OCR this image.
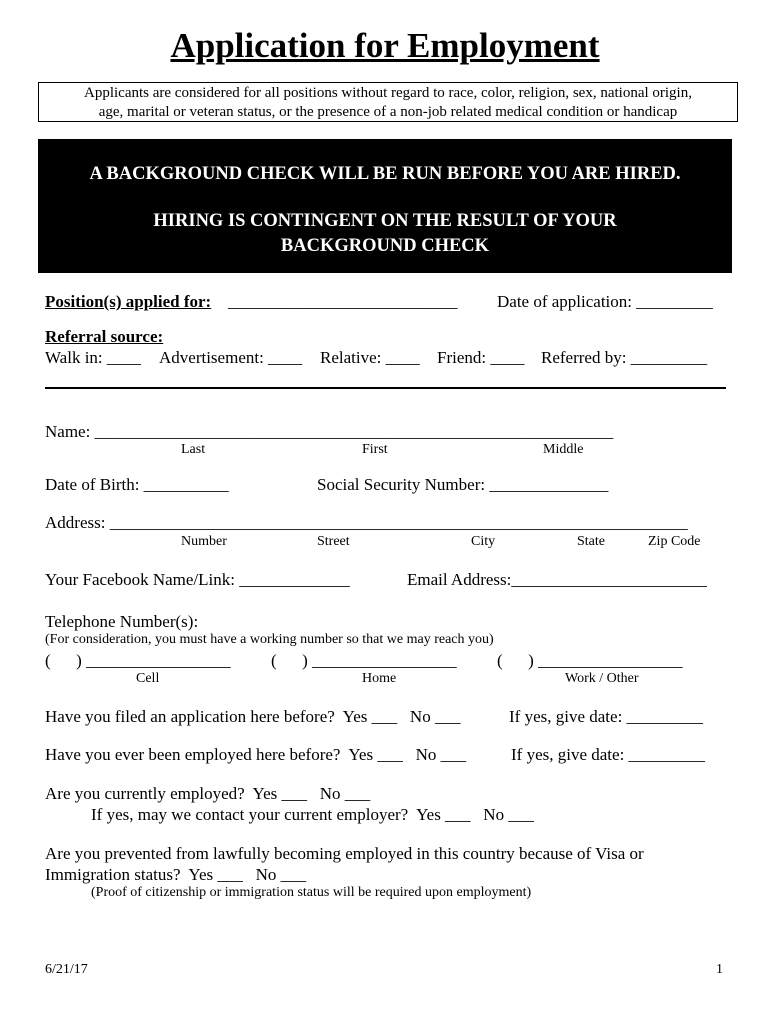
Application for Employment
Applicants are considered for all positions without regard to race, color, religion, sex, national origin,
age, marital or veteran status, or the presence of a non-job related medical condition or handicap
A BACKGROUND CHECK WILL BE RUN BEFORE YOU ARE HIRED.
HIRING IS CONTINGENT ON THE RESULT OF YOUR
BACKGROUND CHECK
Position(s) applied for: ___________________________ Date of application: _________
Referral source:
Walk in: ____ Advertisement: ____ Relative: ____ Friend: ____ Referred by: _________
Name: _____________________________________________________________
Last	First	Middle
Date of Birth: __________	Social Security Number: ______________
Address: ____________________________________________________________________
Number	Street	City	State	Zip Code
Your Facebook Name/Link: _____________	Email Address:_______________________
Telephone Number(s):
(For consideration, you must have a working number so that we may reach you)
(      ) _________________ (      ) _________________ (      ) _________________
Cell	Home	Work / Other
Have you filed an application here before?  Yes ___   No ___	If yes, give date: _________
Have you ever been employed here before?  Yes ___   No ___	If yes, give date: _________
Are you currently employed?  Yes ___   No ___
If yes, may we contact your current employer?  Yes ___   No ___
Are you prevented from lawfully becoming employed in this country because of Visa or
Immigration status?  Yes ___   No ___
(Proof of citizenship or immigration status will be required upon employment)
6/21/17	1
